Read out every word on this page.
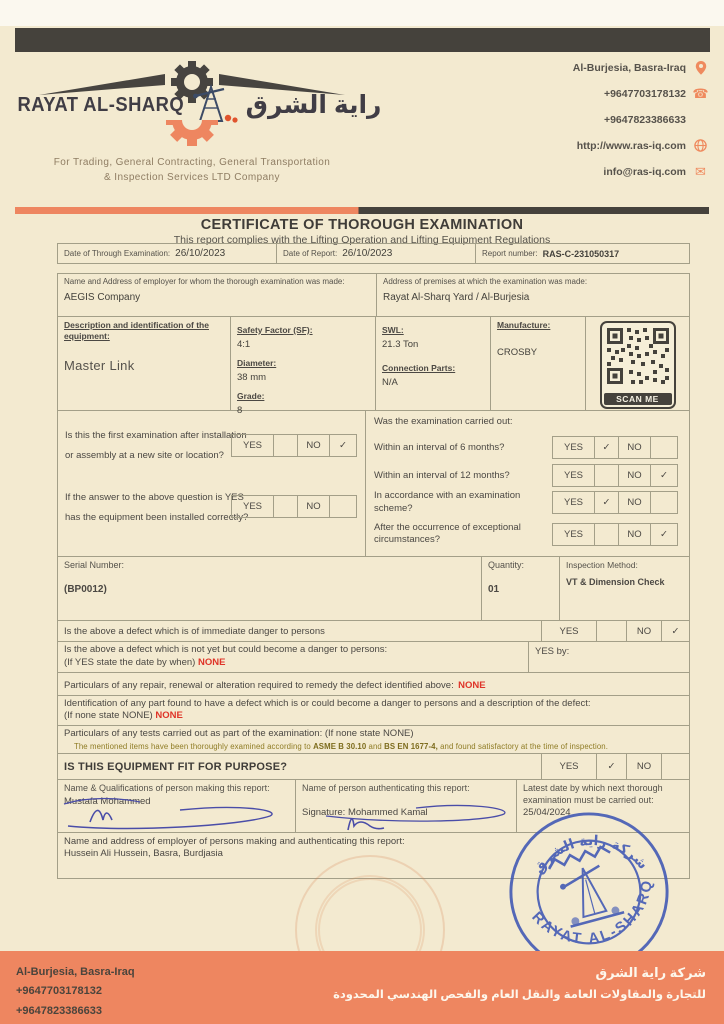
RAYAT AL-SHARQ راية الشرق
For Trading, General Contracting, General Transportation
& Inspection Services LTD Company
Al-Burjesia, Basra-Iraq
+9647703178132 ☎
+9647823386633
http://www.ras-iq.com
info@ras-iq.com ✉
CERTIFICATE OF THOROUGH EXAMINATION
This report complies with the Lifting Operation and Lifting Equipment Regulations
Date of Through Examination: 26/10/2023	Date of Report: 26/10/2023	Report number: RAS-C-231050317
Name and Address of employer for whom the thorough examination was made:
AEGIS Company
Address of premises at which the examination was made:
Rayat Al-Sharq Yard / Al-Burjesia
Description and identification of the equipment:
Master Link
Safety Factor (SF):
4:1
Diameter:
38 mm
Grade:
8
SWL:
21.3 Ton
Connection Parts:
N/A
Manufacture:
CROSBY
SCAN ME
Is this the first examination after installation or assembly at a new site or location?
YES	NO	✓
If the answer to the above question is YES has the equipment been installed correctly?
YES	NO
Was the examination carried out:
Within an interval of 6 months?	YES	✓	NO
Within an interval of 12 months?	YES	NO	✓
In accordance with an examination scheme?	YES	✓	NO
After the occurrence of exceptional circumstances?	YES	NO	✓
Serial Number:
(BP0012)
Quantity:
01
Inspection Method:
VT & Dimension Check
Is the above a defect which is of immediate danger to persons	YES	NO	✓
Is the above a defect which is not yet but could become a danger to persons:
(If YES state the date by when) NONE
YES by:
Particulars of any repair, renewal or alteration required to remedy the defect identified above: NONE
Identification of any part found to have a defect which is or could become a danger to persons and a description of the defect:
(If none state NONE) NONE
Particulars of any tests carried out as part of the examination: (If none state NONE)
The mentioned items have been thoroughly examined according to ASME B 30.10 and BS EN 1677-4, and found satisfactory at the time of inspection.
IS THIS EQUIPMENT FIT FOR PURPOSE?	YES	✓	NO
Name & Qualifications of person making this report:
Mustafa Mohammed
Name of person authenticating this report:
Signature: Mohammed Kamal
Latest date by which next thorough examination must be carried out:
25/04/2024
Name and address of employer of persons making and authenticating this report:
Hussein Ali Hussein, Basra, Burdjasia
RAYAT AL-SHARQ
شركة راية الشرق
Al-Burjesia, Basra-Iraq
+9647703178132
+9647823386633
شركة راية الشرق
للتجارة والمقاولات العامة والنقل العام والفحص الهندسي المحدودة
